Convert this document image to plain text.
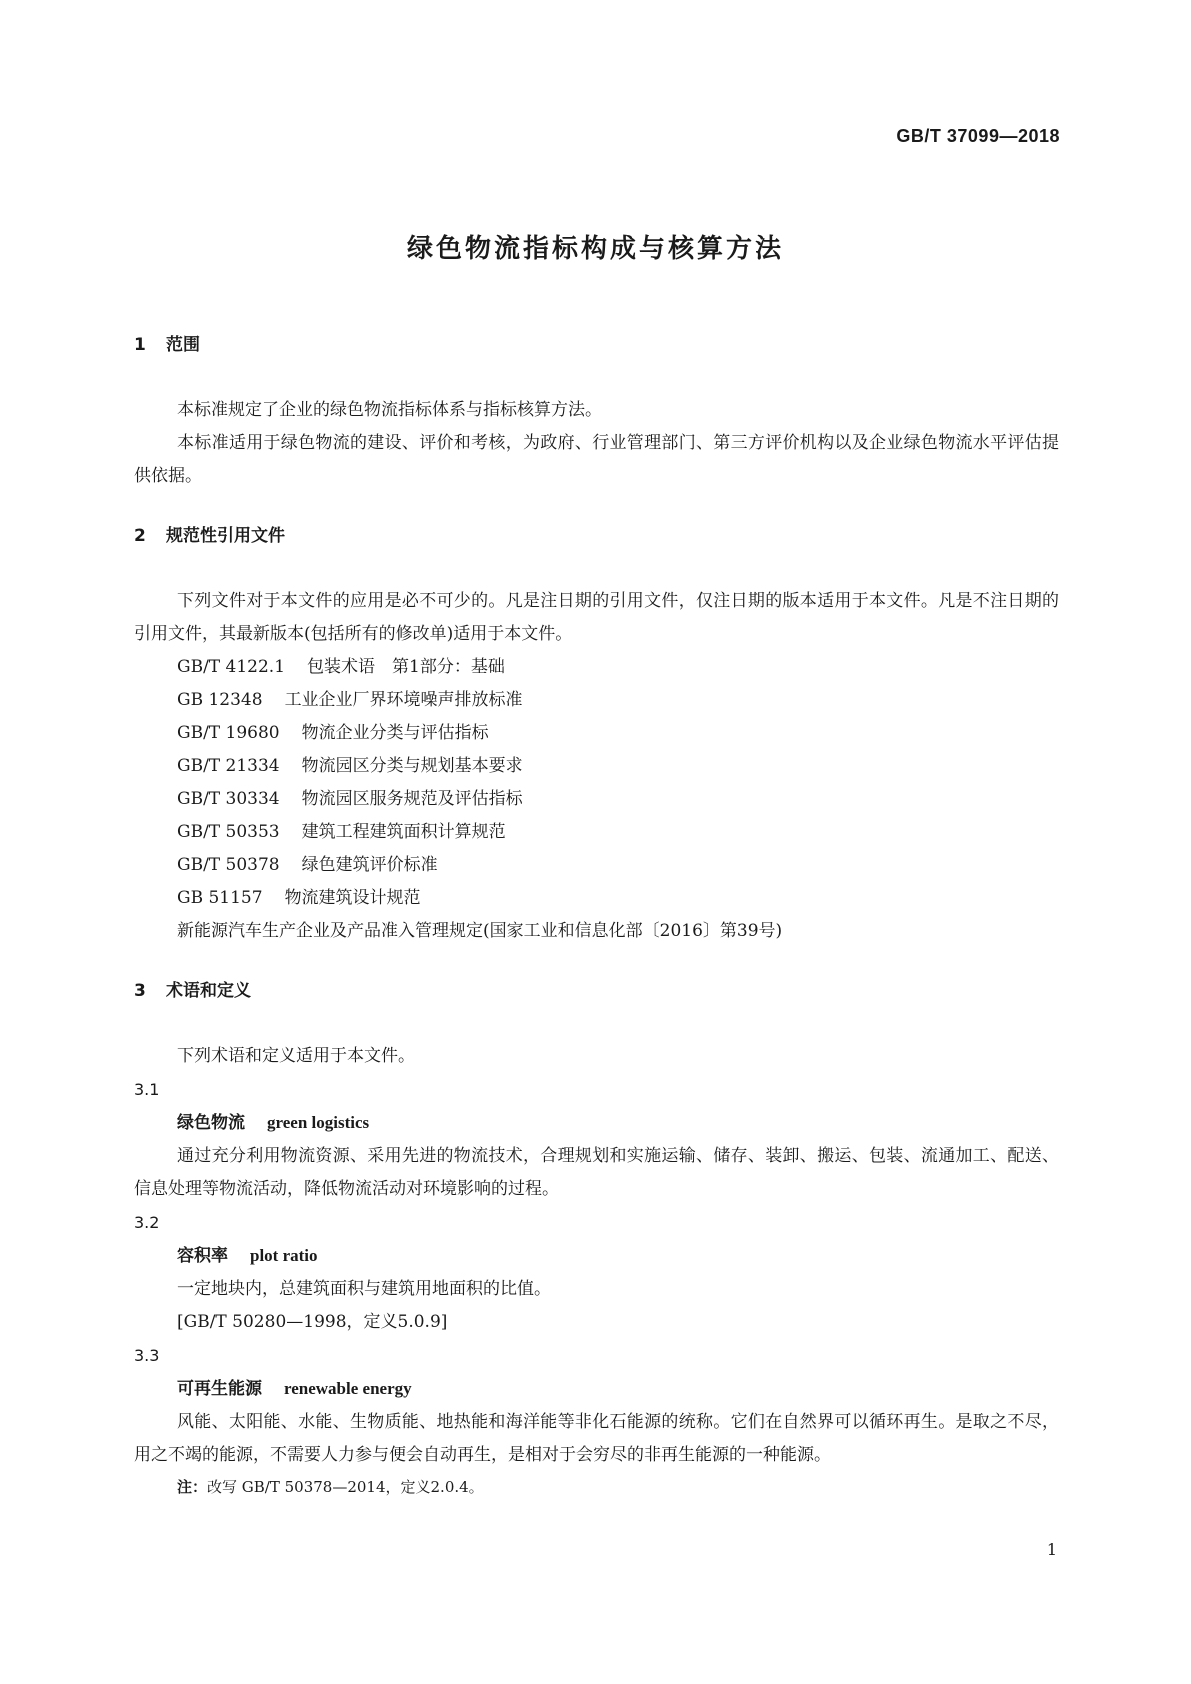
GB/T 37099—2018
绿色物流指标构成与核算方法
1 范围

本标准规定了企业的绿色物流指标体系与指标核算方法。

本标准适用于绿色物流的建设、评价和考核，为政府、行业管理部门、第三方评价机构以及企业绿色物流水平评估提供依据。

2 规范性引用文件

下列文件对于本文件的应用是必不可少的。凡是注日期的引用文件，仅注日期的版本适用于本文件。凡是不注日期的引用文件，其最新版本(包括所有的修改单)适用于本文件。

GB/T 4122.1 包装术语　第1部分：基础
GB 12348 工业企业厂界环境噪声排放标准
GB/T 19680 物流企业分类与评估指标
GB/T 21334 物流园区分类与规划基本要求
GB/T 30334 物流园区服务规范及评估指标
GB/T 50353 建筑工程建筑面积计算规范
GB/T 50378 绿色建筑评价标准
GB 51157 物流建筑设计规范
新能源汽车生产企业及产品准入管理规定(国家工业和信息化部〔2016〕第39号)
3 术语和定义

下列术语和定义适用于本文件。

3.1
绿色物流 green logistics

通过充分利用物流资源、采用先进的物流技术，合理规划和实施运输、储存、装卸、搬运、包装、流通加工、配送、信息处理等物流活动，降低物流活动对环境影响的过程。

3.2
容积率 plot ratio

一定地块内，总建筑面积与建筑用地面积的比值。

[GB/T 50280—1998，定义5.0.9]
3.3
可再生能源 renewable energy

风能、太阳能、水能、生物质能、地热能和海洋能等非化石能源的统称。它们在自然界可以循环再生。是取之不尽，用之不竭的能源，不需要人力参与便会自动再生，是相对于会穷尽的非再生能源的一种能源。

注：改写 GB/T 50378—2014，定义2.0.4。
1
